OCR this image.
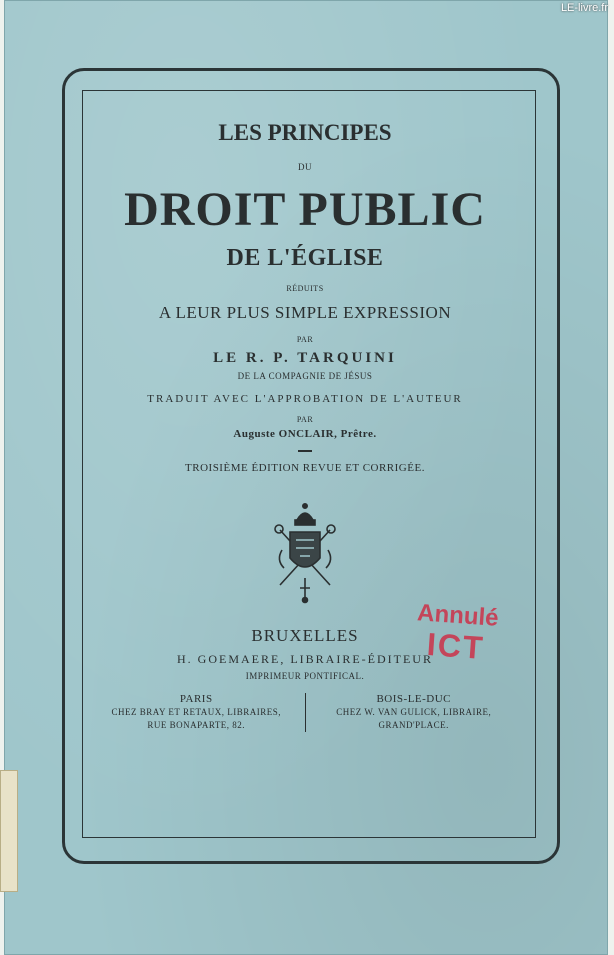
LE-livre.fr
LES PRINCIPES
DU
DROIT PUBLIC
DE L'ÉGLISE
RÉDUITS
A LEUR PLUS SIMPLE EXPRESSION
PAR
LE R. P. TARQUINI
DE LA COMPAGNIE DE JÉSUS
TRADUIT AVEC L'APPROBATION DE L'AUTEUR
PAR
Auguste ONCLAIR, Prêtre.
TROISIÈME ÉDITION REVUE ET CORRIGÉE.
BRUXELLES
H. GOEMAERE, LIBRAIRE-ÉDITEUR
IMPRIMEUR PONTIFICAL.
PARIS
CHEZ BRAY ET RETAUX, LIBRAIRES,
RUE BONAPARTE, 82.
BOIS-LE-DUC
CHEZ W. VAN GULICK, LIBRAIRE,
GRAND'PLACE.
Annulé
ICT
